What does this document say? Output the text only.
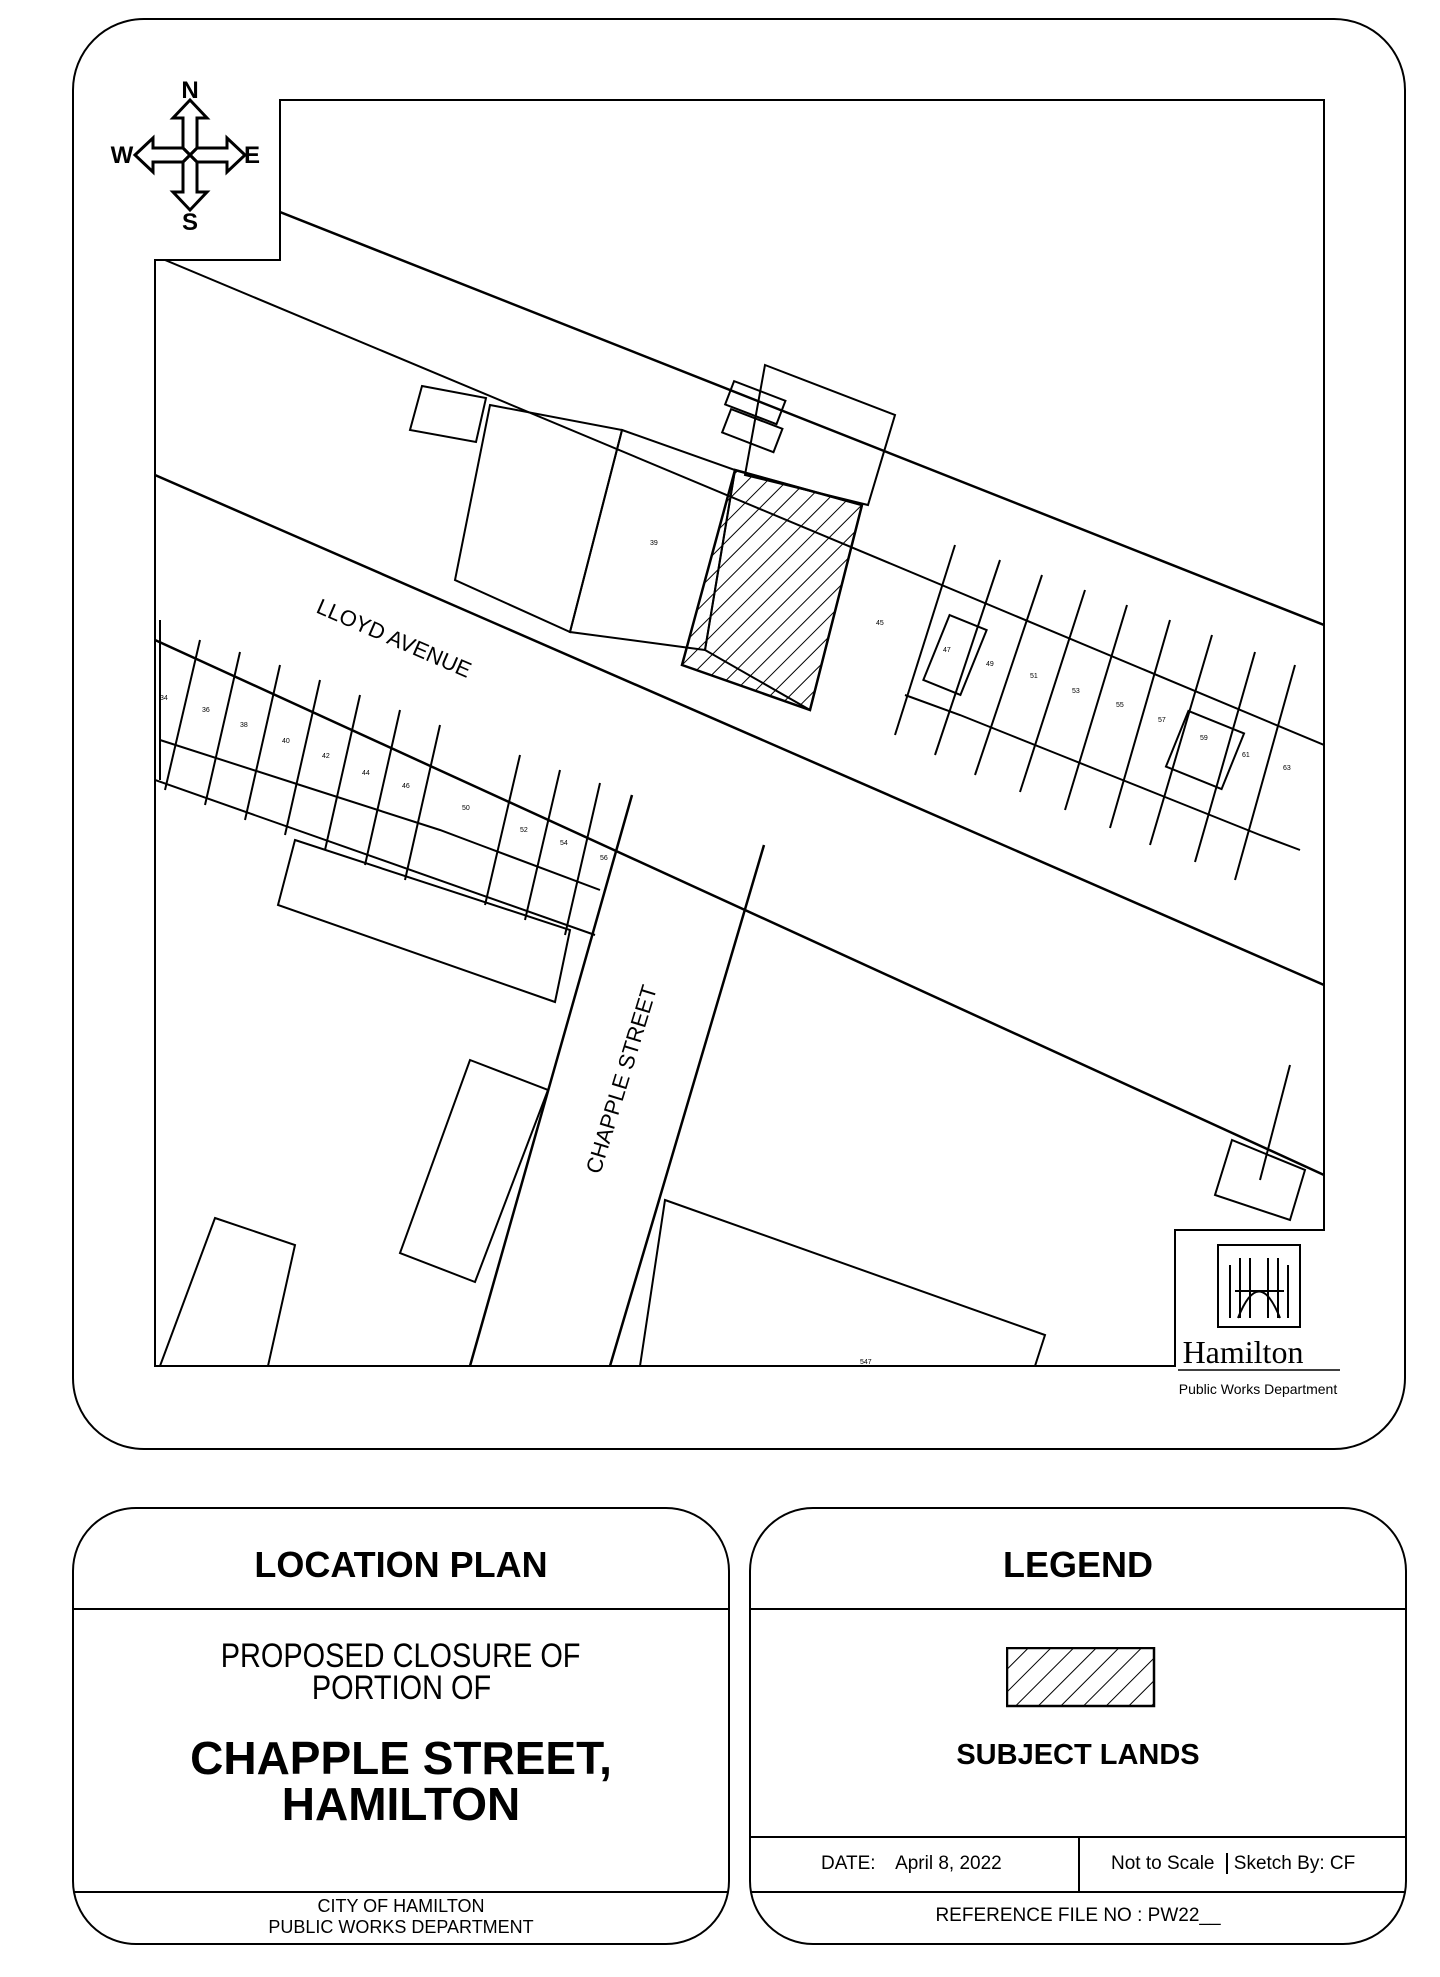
N
S
W	E
LLOYD AVENUE
CHAPPLE STREET
39
45
47
49
51
53
55
57
59
61
63
34
36
38
40
42
44
46
50
52
54
56
547	Hamilton
Public Works Department
LOCATION PLAN
PROPOSED CLOSURE OF
PORTION OF
CHAPPLE STREET,
HAMILTON
CITY OF HAMILTON
PUBLIC WORKS DEPARTMENT
LEGEND
SUBJECT LANDS
DATE: April 8, 2022	Not to Scale Sketch By: CF
REFERENCE FILE NO : PW22__
